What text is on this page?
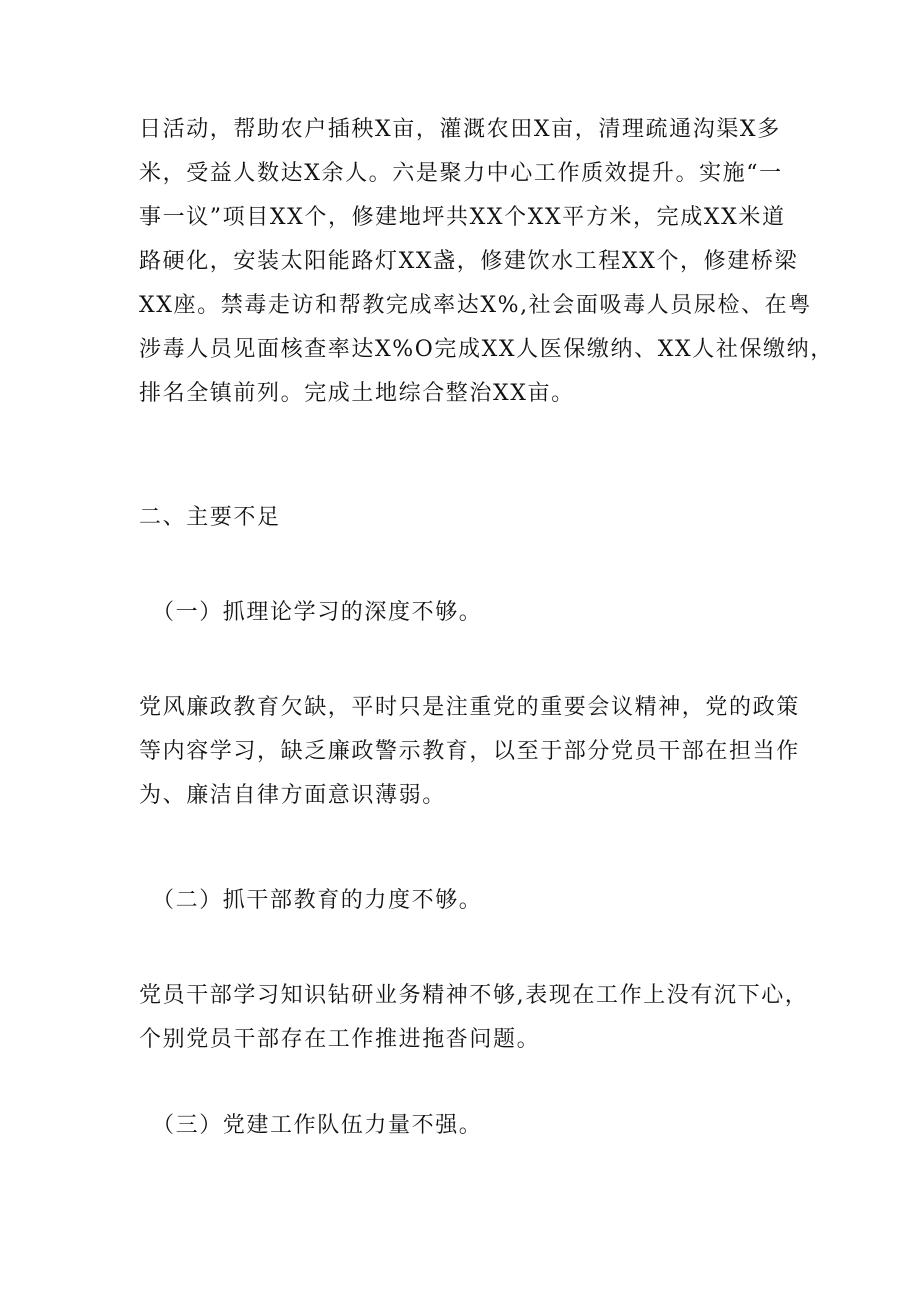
日活动，帮助农户插秧X亩，灌溉农田X亩，清理疏通沟渠X多
米，受益人数达X余人。六是聚力中心工作质效提升。实施“一
事一议”项目XX个，修建地坪共XX个XX平方米，完成XX米道
路硬化，安装太阳能路灯XX盏，修建饮水工程XX个，修建桥梁
XX座。禁毒走访和帮教完成率达X%,社会面吸毒人员尿检、在粤
涉毒人员见面核查率达X%O完成XX人医保缴纳、XX人社保缴纳，
排名全镇前列。完成土地综合整治XX亩。
二、主要不足
（一）抓理论学习的深度不够。
党风廉政教育欠缺，平时只是注重党的重要会议精神，党的政策
等内容学习，缺乏廉政警示教育，以至于部分党员干部在担当作
为、廉洁自律方面意识薄弱。
（二）抓干部教育的力度不够。
党员干部学习知识钻研业务精神不够,表现在工作上没有沉下心，
个别党员干部存在工作推进拖沓问题。
（三）党建工作队伍力量不强。
